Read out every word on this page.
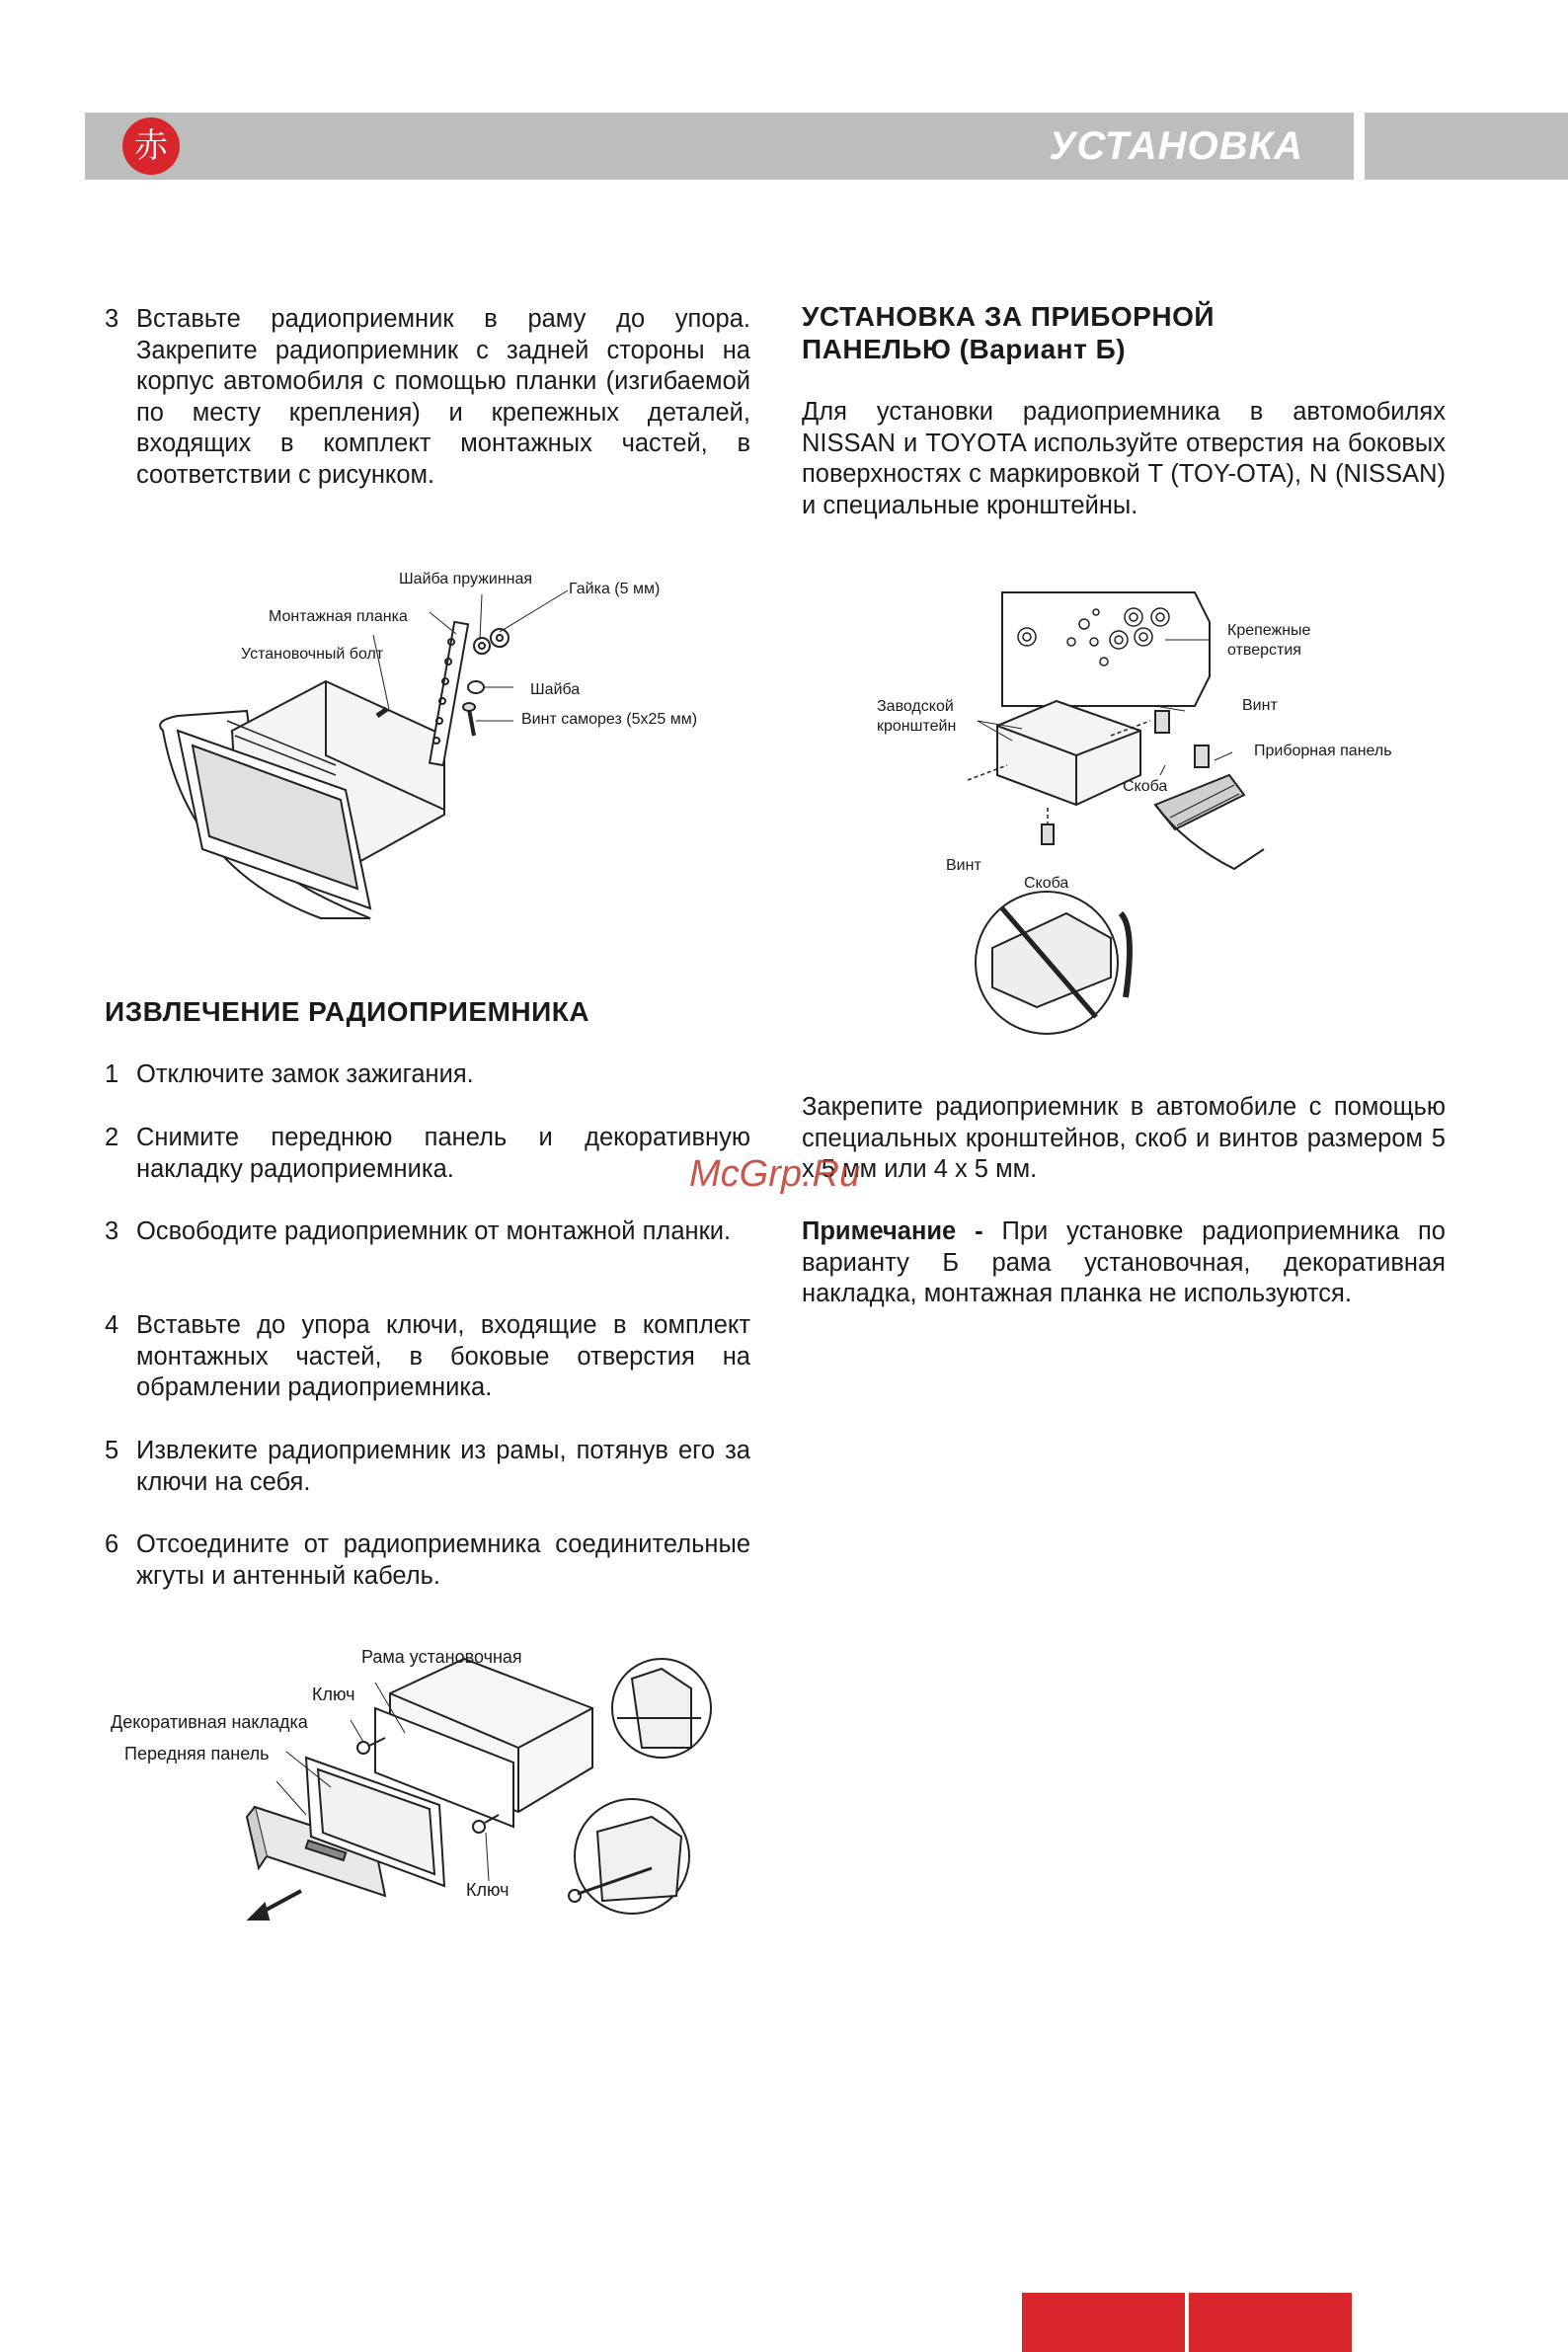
赤	УСТАНОВКА
3 Вставьте радиоприемник в раму до упора. Закрепите радиоприемник с задней стороны на корпус автомобиля с помощью планки (изгибаемой по месту крепления) и крепежных деталей, входящих в комплект монтажных частей, в соответствии с рисунком.
Шайба пружинная
Гайка (5 мм)
Монтажная планка
Установочный болт
Шайба
Винт саморез (5х25 мм)
ИЗВЛЕЧЕНИЕ РАДИОПРИЕМНИКА
1 Отключите замок зажигания.
2 Снимите переднюю панель и декоративную накладку радиоприемника.
3 Освободите радиоприемник от монтажной планки.
4 Вставьте до упора ключи, входящие в комплект монтажных частей, в боковые отверстия на обрамлении радиоприемника.
5 Извлеките радиоприемник из рамы, потянув его за ключи на себя.
6 Отсоедините от радиоприемника соединительные жгуты и антенный кабель.
Рама установочная
Ключ
Декоративная накладка
Передняя панель
Ключ
УСТАНОВКА ЗА ПРИБОРНОЙ ПАНЕЛЬЮ (Вариант Б)

Для установки радиоприемника в автомобилях NISSAN и TOYOTA используйте отверстия на боковых поверхностях с маркировкой T (TOY-OTA), N (NISSAN) и специальные кронштейны.

Крепежные отверстия
Заводской кронштейн
Винт
Приборная панель
Скоба
Винт
Скоба

Закрепите радиоприемник в автомобиле с помощью специальных кронштейнов, скоб и винтов размером 5 х 5 мм или 4 х 5 мм.

Примечание - При установке радиоприемника по варианту Б рама установочная, декоративная накладка, монтажная планка не используются.

McGrp.Ru
